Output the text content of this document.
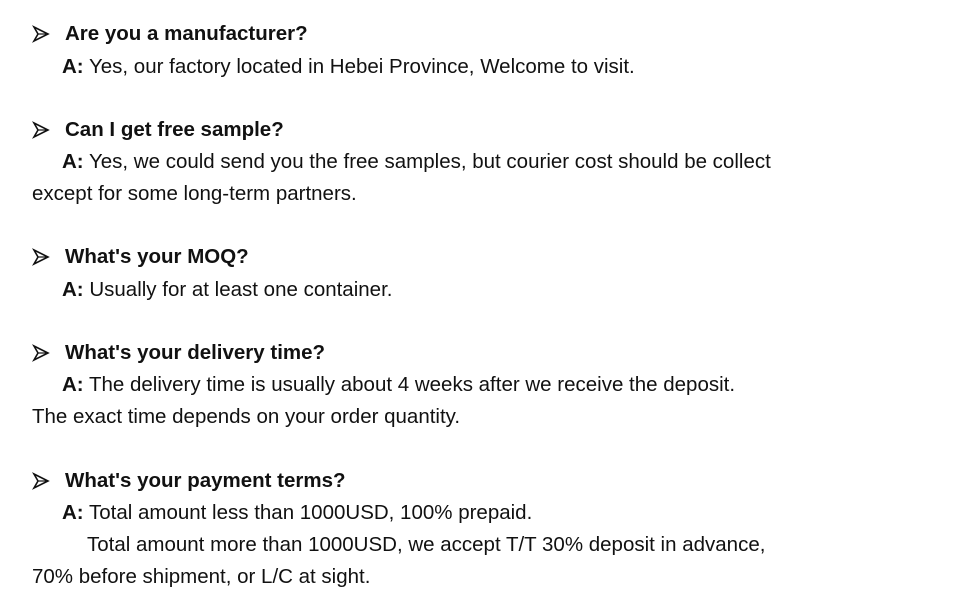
Are you a manufacturer?
A: Yes, our factory located in Hebei Province, Welcome to visit.
Can I get free sample?
A: Yes, we could send you the free samples, but courier cost should be collect
except for some long-term partners.
What's your MOQ?
A: Usually for at least one container.
What's your delivery time?
A: The delivery time is usually about 4 weeks after we receive the deposit.
The exact time depends on your order quantity.
What's your payment terms?
A: Total amount less than 1000USD, 100% prepaid.
Total amount more than 1000USD, we accept T/T 30% deposit in advance,
70% before shipment, or L/C at sight.
